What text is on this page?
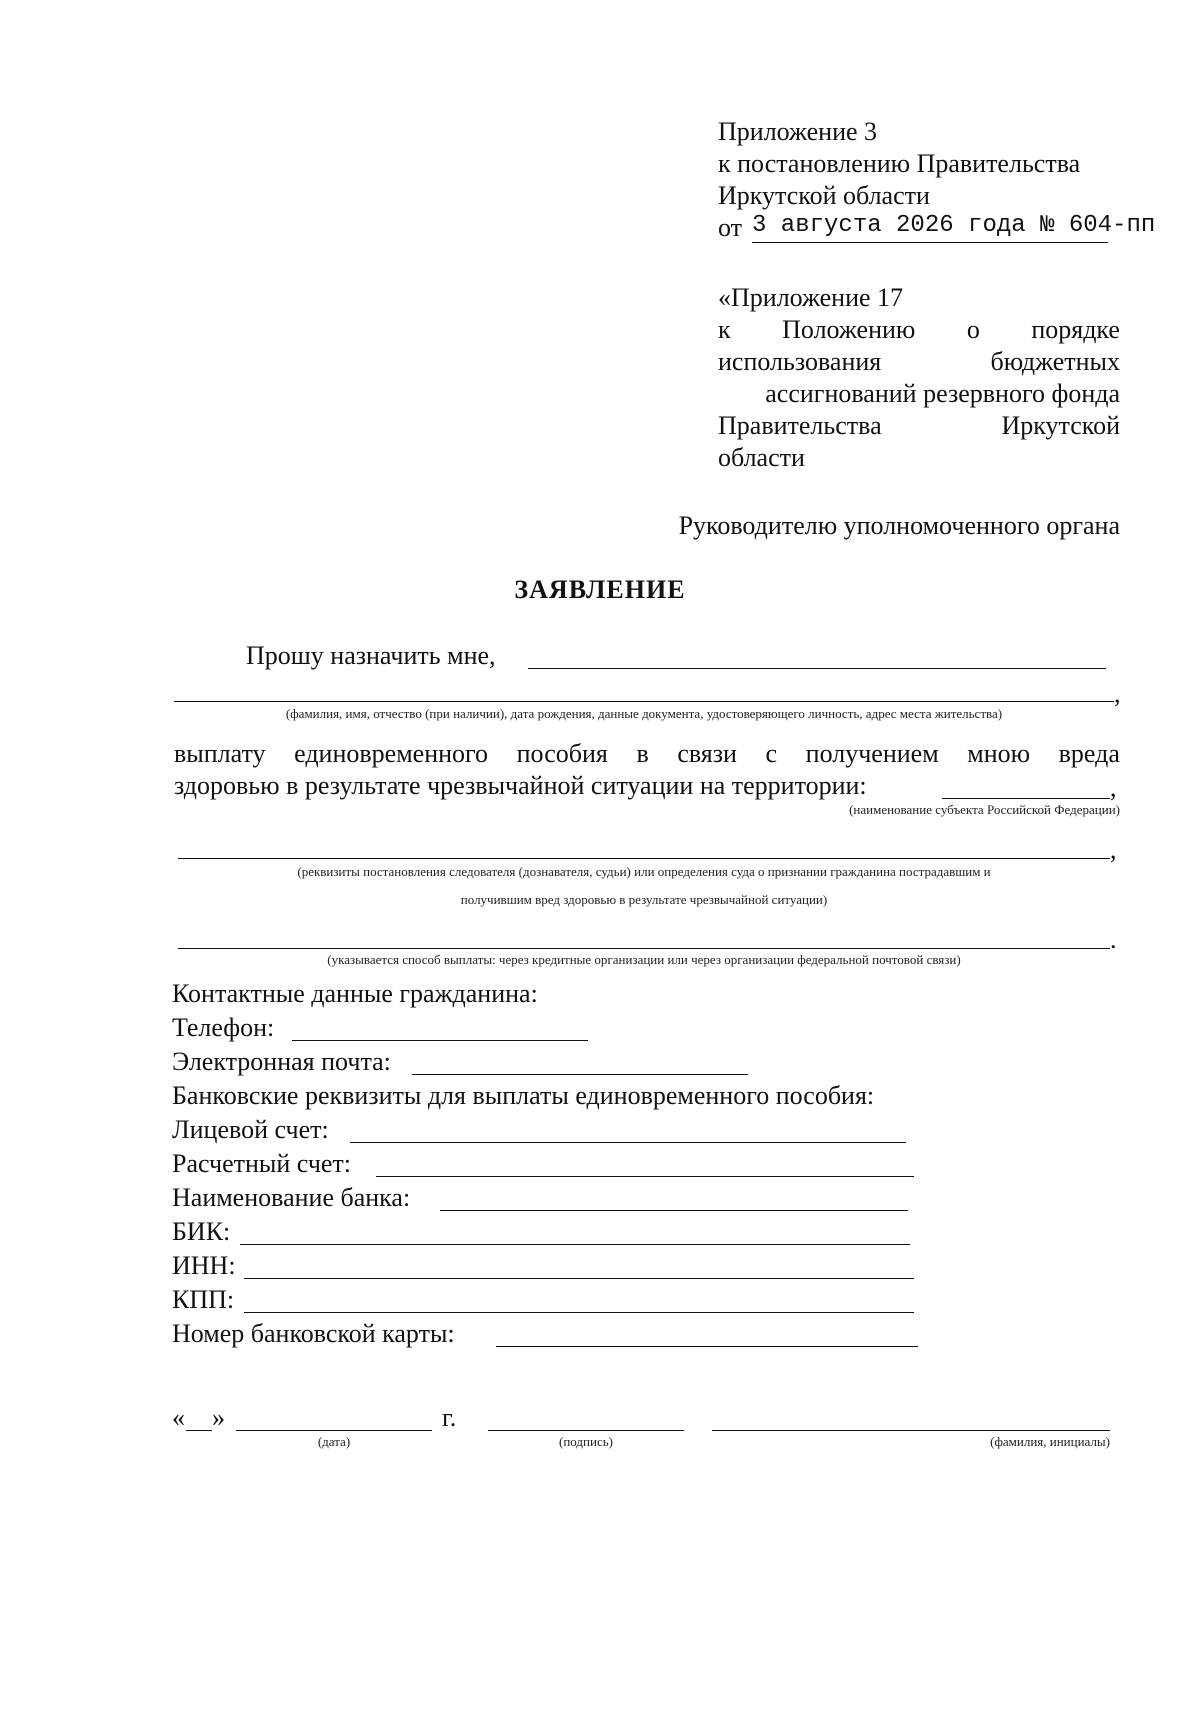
Приложение 3
к постановлению Правительства
Иркутской области
от 3 августа 2026 года № 604-пп
«Приложение 17
к Положению о порядке
использования	бюджетных
ассигнований резервного фонда
Правительства	Иркутской
области
Руководителю уполномоченного органа
ЗАЯВЛЕНИЕ
Прошу назначить мне,
,
(фамилия, имя, отчество (при наличии), дата рождения, данные документа, удостоверяющего личность, адрес места жительства)
выплату единовременного пособия в связи с получением мною вреда
здоровью в результате чрезвычайной ситуации на территории:	,
(наименование субъекта Российской Федерации)
,
(реквизиты постановления следователя (дознавателя, судьи) или определения суда о признании гражданина пострадавшим и
получившим вред здоровью в результате чрезвычайной ситуации)
.
(указывается способ выплаты: через кредитные организации или через организации федеральной почтовой связи)
Контактные данные гражданина:
Телефон:
Электронная почта:
Банковские реквизиты для выплаты единовременного пособия:
Лицевой счет:
Расчетный счет:
Наименование банка:
БИК:
ИНН:
КПП:
Номер банковской карты:
« »	г.
(дата)	(подпись)	(фамилия, инициалы)
